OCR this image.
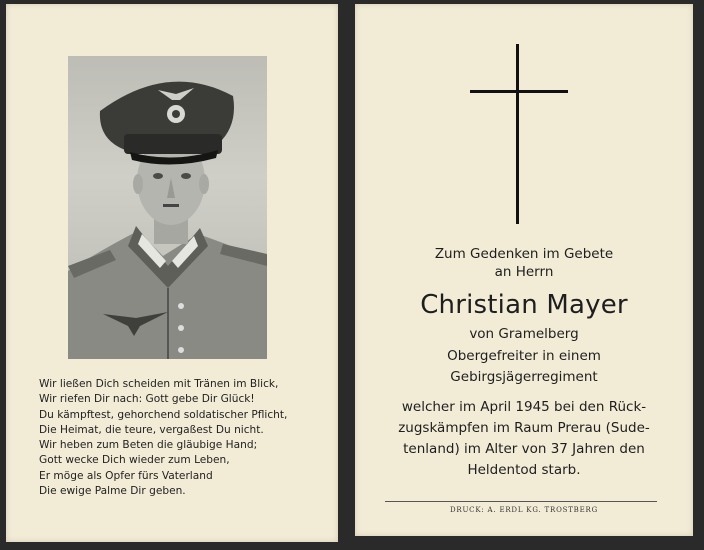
Wir ließen Dich scheiden mit Tränen im Blick,
Wir riefen Dir nach: Gott gebe Dir Glück!
Du kämpftest, gehorchend soldatischer Pflicht,
Die Heimat, die teure, vergaßest Du nicht.
Wir heben zum Beten die gläubige Hand;
Gott wecke Dich wieder zum Leben,
Er möge als Opfer fürs Vaterland
Die ewige Palme Dir geben.
Zum Gedenken im Gebete
an Herrn
Christian Mayer
von Gramelberg
Obergefreiter in einem
Gebirgsjägerregiment
welcher im April 1945 bei den Rück-
zugskämpfen im Raum Prerau (Sude-
tenland) im Alter von 37 Jahren den
Heldentod starb.
DRUCK: A. ERDL KG. TROSTBERG
